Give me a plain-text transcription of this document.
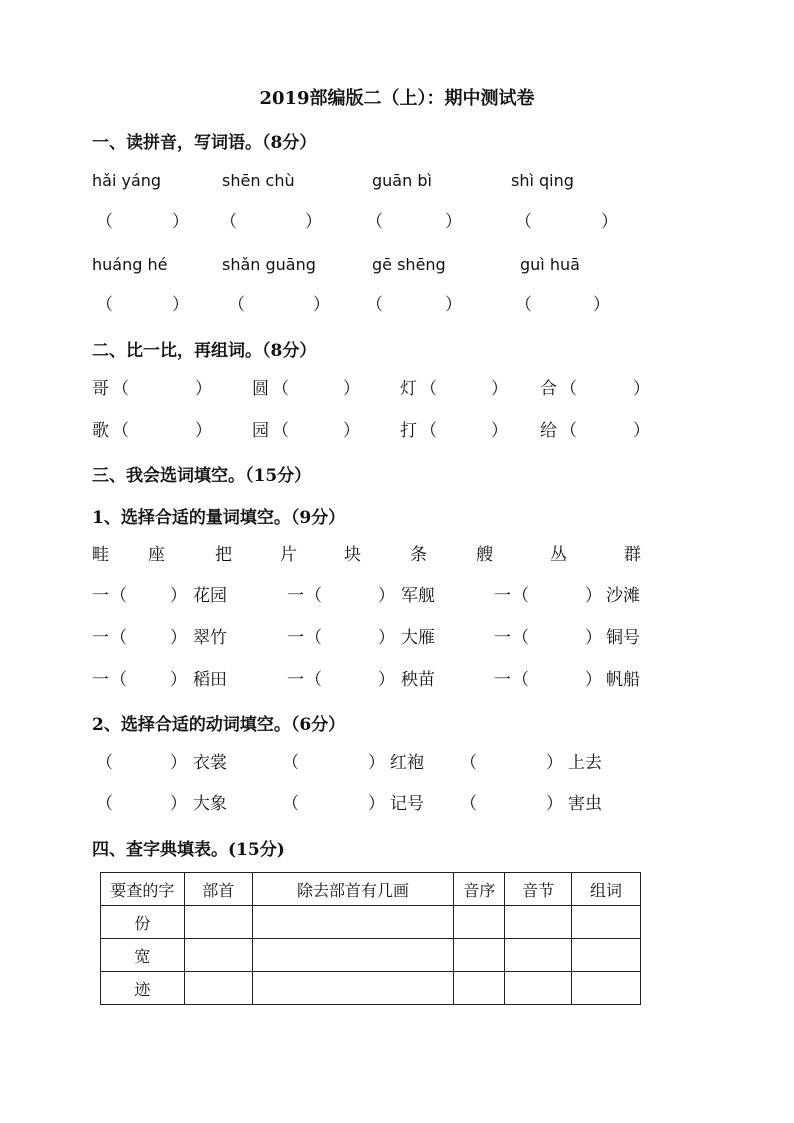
2019部编版二（上）：期中测试卷
一、读拼音，写词语。（8分）
hǎi yáng	shēn chù	guān bì	shì qing
（	） （	）	（	）	（	）
huáng hé	shǎn guāng	gē shēng	guì huā
（	） （	） （	）	（	）
二、比一比，再组词。（8分）
哥 （	） 圆 （	） 灯 （	） 合 （	）
歌 （	） 园 （	） 打 （	） 给 （	）
三、我会选词填空。（15分）
1、选择合适的量词填空。（9分）
畦 座	把	片	块	条	艘	丛	群
一 （	） 花园	一 （	） 军舰	一 （	） 沙滩
一 （	） 翠竹	一 （	） 大雁	一 （	） 铜号
一 （	） 稻田	一 （	） 秧苗	一 （	） 帆船
2、选择合适的动词填空。（6分）
（	） 衣裳	（	） 红袍 （	） 上去
（	） 大象	（	） 记号 （	） 害虫
四、查字典填表。(15分)
要查的字	部首	除去部首有几画	音序	音节	组词
份					
宽					
迹					
